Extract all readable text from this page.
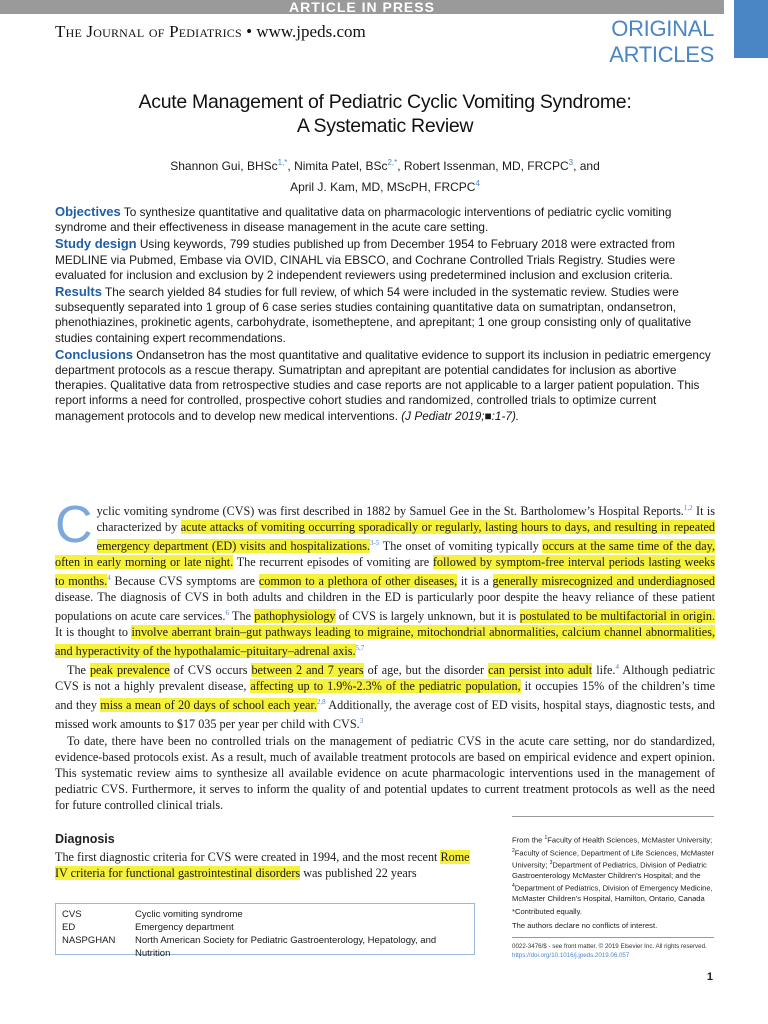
ARTICLE IN PRESS
The Journal of Pediatrics • www.jpeds.com	ORIGINAL
ARTICLES
Acute Management of Pediatric Cyclic Vomiting Syndrome:
A Systematic Review
Shannon Gui, BHSc$^{1,*}$, Nimita Patel, BSc$^{2,*}$, Robert Issenman, MD, FRCPC$^3$, and
April J. Kam, MD, MScPH, FRCPC$^4$

Objectives To synthesize quantitative and qualitative data on pharmacologic interventions of pediatric cyclic vomiting syndrome and their effectiveness in disease management in the acute care setting.

Study design Using keywords, 799 studies published up from December 1954 to February 2018 were extracted from MEDLINE via Pubmed, Embase via OVID, CINAHL via EBSCO, and Cochrane Controlled Trials Registry. Studies were evaluated for inclusion and exclusion by 2 independent reviewers using predetermined inclusion and exclusion criteria.

Results The search yielded 84 studies for full review, of which 54 were included in the systematic review. Studies were subsequently separated into 1 group of 6 case series studies containing quantitative data on sumatriptan, ondansetron, phenothiazines, prokinetic agents, carbohydrate, isometheptene, and aprepitant; 1 one group consisting only of qualitative studies containing expert recommendations.

Conclusions Ondansetron has the most quantitative and qualitative evidence to support its inclusion in pediatric emergency department protocols as a rescue therapy. Sumatriptan and aprepitant are potential candidates for inclusion as abortive therapies. Qualitative data from retrospective studies and case reports are not applicable to a larger patient population. This report informs a need for controlled, prospective cohort studies and randomized, controlled trials to optimize current management protocols and to develop new medical interventions. (J Pediatr 2019;■:1-7).

Cyclic vomiting syndrome (CVS) was first described in 1882 by Samuel Gee in the St. Bartholomew’s Hospital Reports.$^{1,2}$ It is characterized by acute attacks of vomiting occurring sporadically or regularly, lasting hours to days, and resulting in repeated emergency department (ED) visits and hospitalizations.$^{3-5}$ The onset of vomiting typically occurs at the same time of the day, often in early morning or late night. The recurrent episodes of vomiting are followed by symptom-free interval periods lasting weeks to months.$^4$ Because CVS symptoms are common to a plethora of other diseases, it is a generally misrecognized and underdiagnosed disease. The diagnosis of CVS in both adults and children in the ED is particularly poor despite the heavy reliance of these patient populations on acute care services.$^6$ The pathophysiology of CVS is largely unknown, but it is postulated to be multifactorial in origin. It is thought to involve aberrant brain–gut pathways leading to migraine, mitochondrial abnormalities, calcium channel abnormalities, and hyperactivity of the hypothalamic–pituitary–adrenal axis.$^{5,7}$

The peak prevalence of CVS occurs between 2 and 7 years of age, but the disorder can persist into adult life.$^4$ Although pediatric CVS is not a highly prevalent disease, affecting up to 1.9%-2.3% of the pediatric population, it occupies 15% of the children’s time and they miss a mean of 20 days of school each year.$^{2,8}$ Additionally, the average cost of ED visits, hospital stays, diagnostic tests, and missed work amounts to $17 035 per year per child with CVS.$^3$

To date, there have been no controlled trials on the management of pediatric CVS in the acute care setting, nor do standardized, evidence-based protocols exist. As a result, much of available treatment protocols are based on empirical evidence and expert opinion. This systematic review aims to synthesize all available evidence on acute pharmacologic interventions used in the management of pediatric CVS. Furthermore, it serves to inform the quality of and potential updates to current treatment protocols as well as the need for future controlled clinical trials.

Diagnosis
The first diagnostic criteria for CVS were created in 1994, and the most recent Rome IV criteria for functional gastrointestinal disorders was published 22 years
CVS	Cyclic vomiting syndrome
ED	Emergency department
NASPGHAN	North American Society for Pediatric Gastroenterology, Hepatology, and Nutrition

From the $^1$Faculty of Health Sciences, McMaster University; $^2$Faculty of Science, Department of Life Sciences, McMaster University; $^3$Department of Pediatrics, Division of Pediatric Gastroenterology McMaster Children’s Hospital; and the $^4$Department of Pediatrics, Division of Emergency Medicine, McMaster Children’s Hospital, Hamilton, Ontario, Canada

*Contributed equally.

The authors declare no conflicts of interest.

0022-3476/$ - see front matter. © 2019 Elsevier Inc. All rights reserved.
https://doi.org/10.1016/j.jpeds.2019.06.057
1
